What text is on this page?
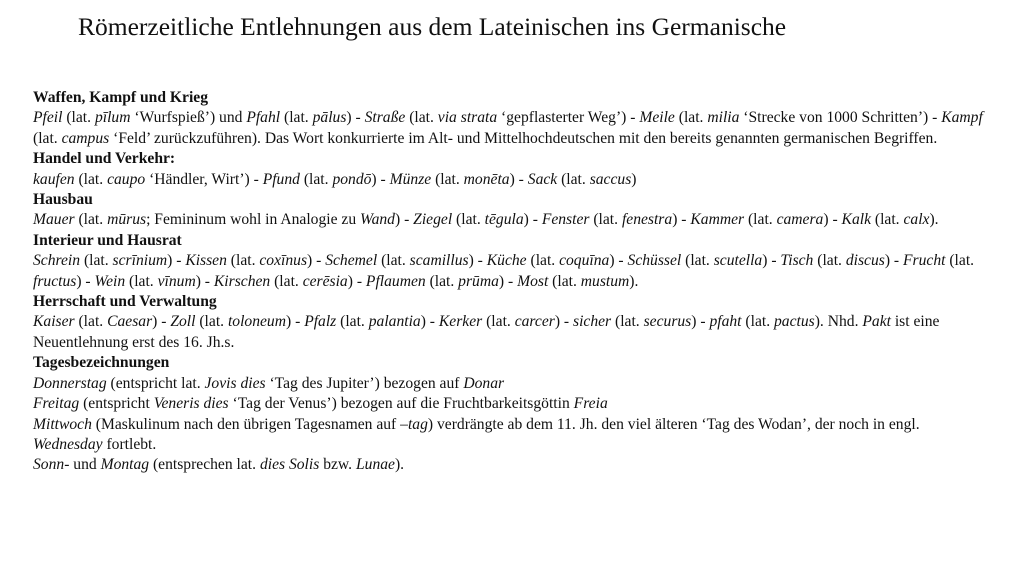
Römerzeitliche Entlehnungen aus dem Lateinischen ins Germanische
Waffen, Kampf und Krieg
Pfeil (lat. pīlum ‘Wurfspieß’) und Pfahl (lat. pālus) - Straße (lat. via strata ‘gepflasterter Weg’) - Meile (lat. milia ‘Strecke von 1000 Schritten’) - Kampf (lat. campus ‘Feld’ zurückzuführen). Das Wort konkurrierte im Alt- und Mittelhochdeutschen mit den bereits genannten germanischen Begriffen.
Handel und Verkehr:
kaufen (lat. caupo ‘Händler, Wirt’) - Pfund (lat. pondō) - Münze (lat. monēta) - Sack (lat. saccus)
Hausbau
Mauer (lat. mūrus; Femininum wohl in Analogie zu Wand) - Ziegel (lat. tēgula) - Fenster (lat. fenestra) - Kammer (lat. camera) - Kalk (lat. calx).
Interieur und Hausrat
Schrein (lat. scrīnium) - Kissen (lat. coxīnus) - Schemel (lat. scamillus) - Küche (lat. coquīna) - Schüssel (lat. scutella) - Tisch (lat. discus) - Frucht (lat. fructus) - Wein (lat. vīnum) - Kirschen (lat. cerēsia) - Pflaumen (lat. prūma) - Most (lat. mustum).
Herrschaft und Verwaltung
Kaiser (lat. Caesar) - Zoll (lat. toloneum) - Pfalz (lat. palantia) - Kerker (lat. carcer) - sicher (lat. securus) - pfaht (lat. pactus). Nhd. Pakt ist eine Neuentlehnung erst des 16. Jh.s.
Tagesbezeichnungen
Donnerstag (entspricht lat. Jovis dies ‘Tag des Jupiter’) bezogen auf Donar
Freitag (entspricht Veneris dies ‘Tag der Venus’) bezogen auf die Fruchtbarkeitsgöttin Freia
Mittwoch (Maskulinum nach den übrigen Tagesnamen auf –tag) verdrängte ab dem 11. Jh. den viel älteren ‘Tag des Wodan’, der noch in engl. Wednesday fortlebt.
Sonn- und Montag (entsprechen lat. dies Solis bzw. Lunae).
